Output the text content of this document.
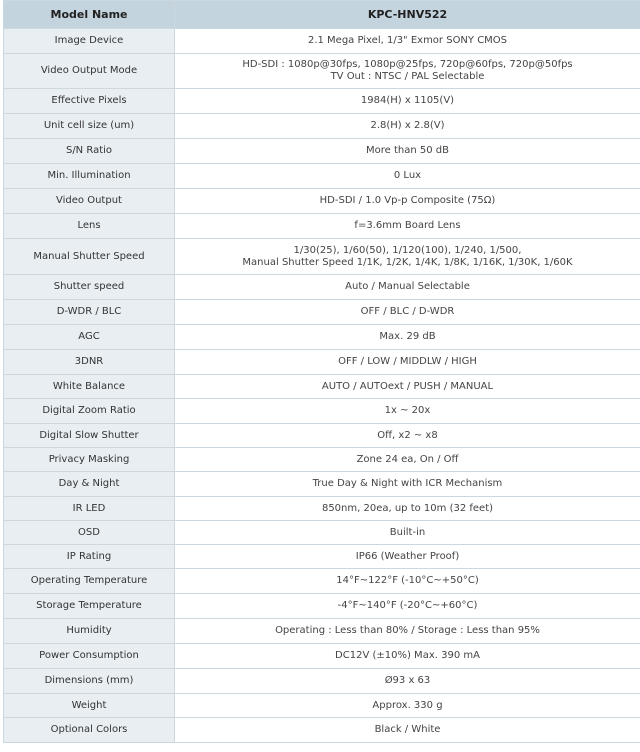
Model Name	KPC-HNV522
Image Device	2.1 Mega Pixel, 1/3" Exmor SONY CMOS

Video Output Mode	HD-SDI : 1080p@30fps, 1080p@25fps, 720p@60fps, 720p@50fps
TV Out : NTSC / PAL Selectable

Effective Pixels	1984(H) x 1105(V)

Unit cell size (um)	2.8(H) x 2.8(V)

S/N Ratio	More than 50 dB

Min. Illumination	0 Lux

Video Output	HD-SDI / 1.0 Vp-p Composite (75Ω)

Lens	f=3.6mm Board Lens

Manual Shutter Speed	1/30(25), 1/60(50), 1/120(100), 1/240, 1/500,
Manual Shutter Speed 1/1K, 1/2K, 1/4K, 1/8K, 1/16K, 1/30K, 1/60K

Shutter speed	Auto / Manual Selectable

D-WDR / BLC	OFF / BLC / D-WDR

AGC	Max. 29 dB

3DNR	OFF / LOW / MIDDLW / HIGH

White Balance	AUTO / AUTOext / PUSH / MANUAL

Digital Zoom Ratio	1x ~ 20x

Digital Slow Shutter	Off, x2 ~ x8

Privacy Masking	Zone 24 ea, On / Off

Day & Night	True Day & Night with ICR Mechanism

IR LED	850nm, 20ea, up to 10m (32 feet)

OSD	Built-in

IP Rating	IP66 (Weather Proof)

Operating Temperature	14°F~122°F (-10°C~+50°C)

Storage Temperature	-4°F~140°F (-20°C~+60°C)

Humidity	Operating : Less than 80% / Storage : Less than 95%

Power Consumption	DC12V (±10%) Max. 390 mA

Dimensions (mm)	Ø93 x 63

Weight	Approx. 330 g

Optional Colors	Black / White
